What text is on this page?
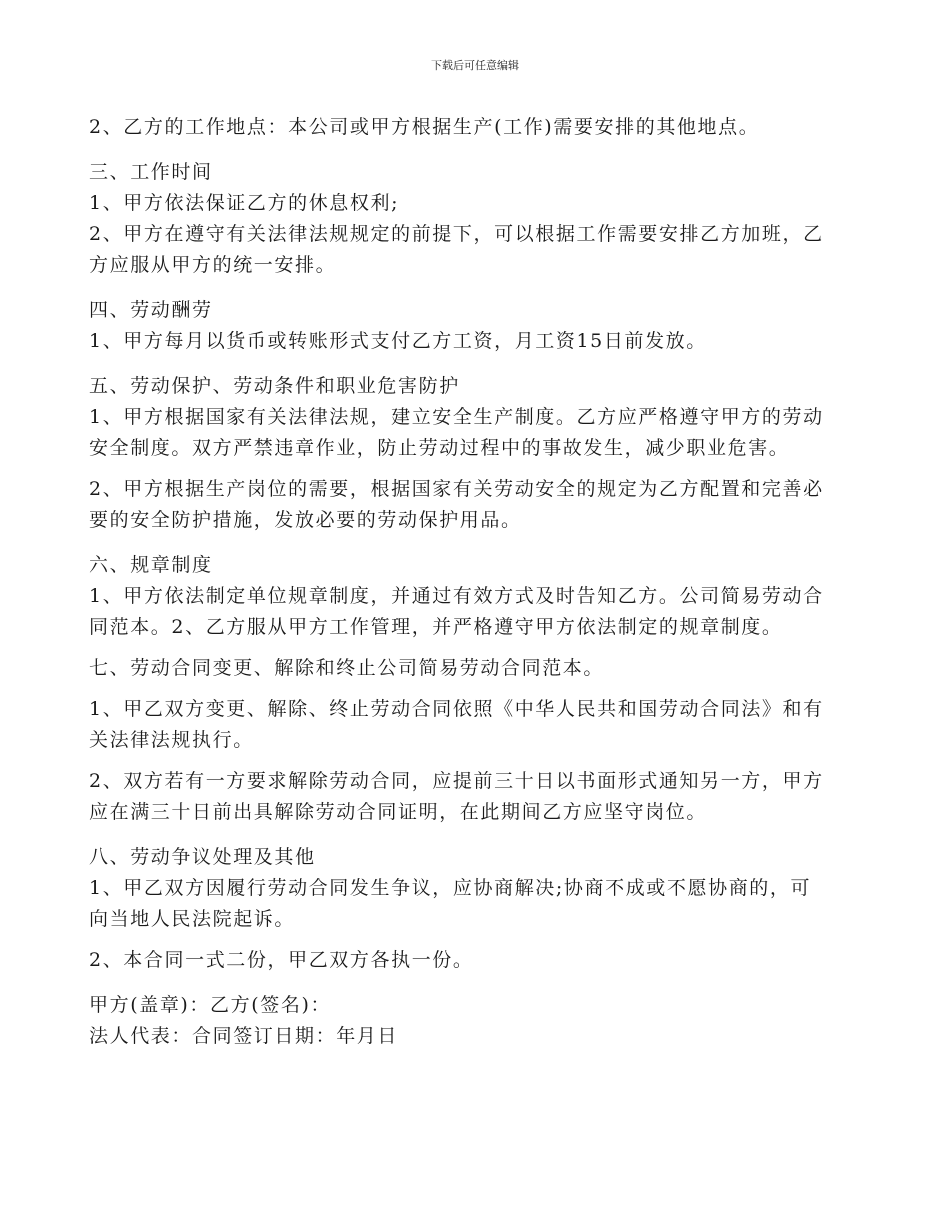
下载后可任意编辑
2、乙方的工作地点：本公司或甲方根据生产(工作)需要安排的其他地点。
三、工作时间
1、甲方依法保证乙方的休息权利;
2、甲方在遵守有关法律法规规定的前提下，可以根据工作需要安排乙方加班，乙
方应服从甲方的统一安排。
四、劳动酬劳
1、甲方每月以货币或转账形式支付乙方工资，月工资15日前发放。
五、劳动保护、劳动条件和职业危害防护
1、甲方根据国家有关法律法规，建立安全生产制度。乙方应严格遵守甲方的劳动
安全制度。双方严禁违章作业，防止劳动过程中的事故发生，减少职业危害。
2、甲方根据生产岗位的需要，根据国家有关劳动安全的规定为乙方配置和完善必
要的安全防护措施，发放必要的劳动保护用品。
六、规章制度
1、甲方依法制定单位规章制度，并通过有效方式及时告知乙方。公司简易劳动合
同范本。2、乙方服从甲方工作管理，并严格遵守甲方依法制定的规章制度。
七、劳动合同变更、解除和终止公司简易劳动合同范本。
1、甲乙双方变更、解除、终止劳动合同依照《中华人民共和国劳动合同法》和有
关法律法规执行。
2、双方若有一方要求解除劳动合同，应提前三十日以书面形式通知另一方，甲方
应在满三十日前出具解除劳动合同证明，在此期间乙方应坚守岗位。
八、劳动争议处理及其他
1、甲乙双方因履行劳动合同发生争议，应协商解决;协商不成或不愿协商的，可
向当地人民法院起诉。
2、本合同一式二份，甲乙双方各执一份。
甲方(盖章)：乙方(签名)：
法人代表：合同签订日期：年月日
